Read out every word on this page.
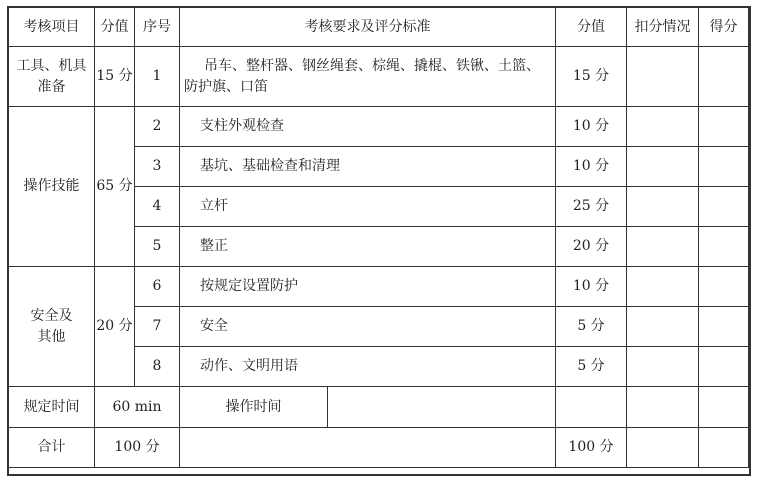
考核项目	分值	序号	考核要求及评分标准		分值	扣分情况	得分
工具、机具准备	15 分	1	吊车、整杆器、钢丝绳套、棕绳、撬棍、铁锹、土篮、防护旗、口笛		15 分		
操作技能	65 分	2	支柱外观检查		10 分		
		3	基坑、基础检查和清理		10 分		
		4	立杆		25 分		
		5	整正		20 分		
安全及其他	20 分	6	按规定设置防护		10 分		
		7	安全		5 分		
		8	动作、文明用语		5 分		
规定时间	60 min		操作时间				
合计	100 分				100 分		
